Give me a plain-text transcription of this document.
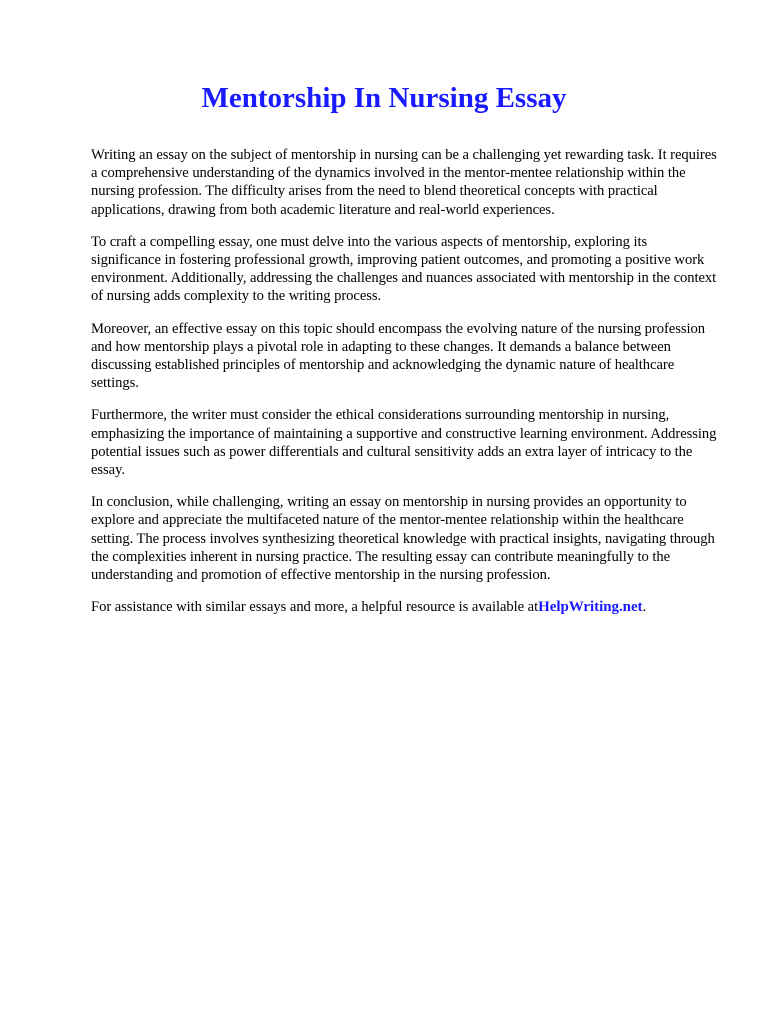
Mentorship In Nursing Essay

Writing an essay on the subject of mentorship in nursing can be a challenging yet rewarding task. It requires a comprehensive understanding of the dynamics involved in the mentor-mentee relationship within the nursing profession. The difficulty arises from the need to blend theoretical concepts with practical applications, drawing from both academic literature and real-world experiences.

To craft a compelling essay, one must delve into the various aspects of mentorship, exploring its significance in fostering professional growth, improving patient outcomes, and promoting a positive work environment. Additionally, addressing the challenges and nuances associated with mentorship in the context of nursing adds complexity to the writing process.

Moreover, an effective essay on this topic should encompass the evolving nature of the nursing profession and how mentorship plays a pivotal role in adapting to these changes. It demands a balance between discussing established principles of mentorship and acknowledging the dynamic nature of healthcare settings.

Furthermore, the writer must consider the ethical considerations surrounding mentorship in nursing, emphasizing the importance of maintaining a supportive and constructive learning environment. Addressing potential issues such as power differentials and cultural sensitivity adds an extra layer of intricacy to the essay.

In conclusion, while challenging, writing an essay on mentorship in nursing provides an opportunity to explore and appreciate the multifaceted nature of the mentor-mentee relationship within the healthcare setting. The process involves synthesizing theoretical knowledge with practical insights, navigating through the complexities inherent in nursing practice. The resulting essay can contribute meaningfully to the understanding and promotion of effective mentorship in the nursing profession.

For assistance with similar essays and more, a helpful resource is available atHelpWriting.net.
